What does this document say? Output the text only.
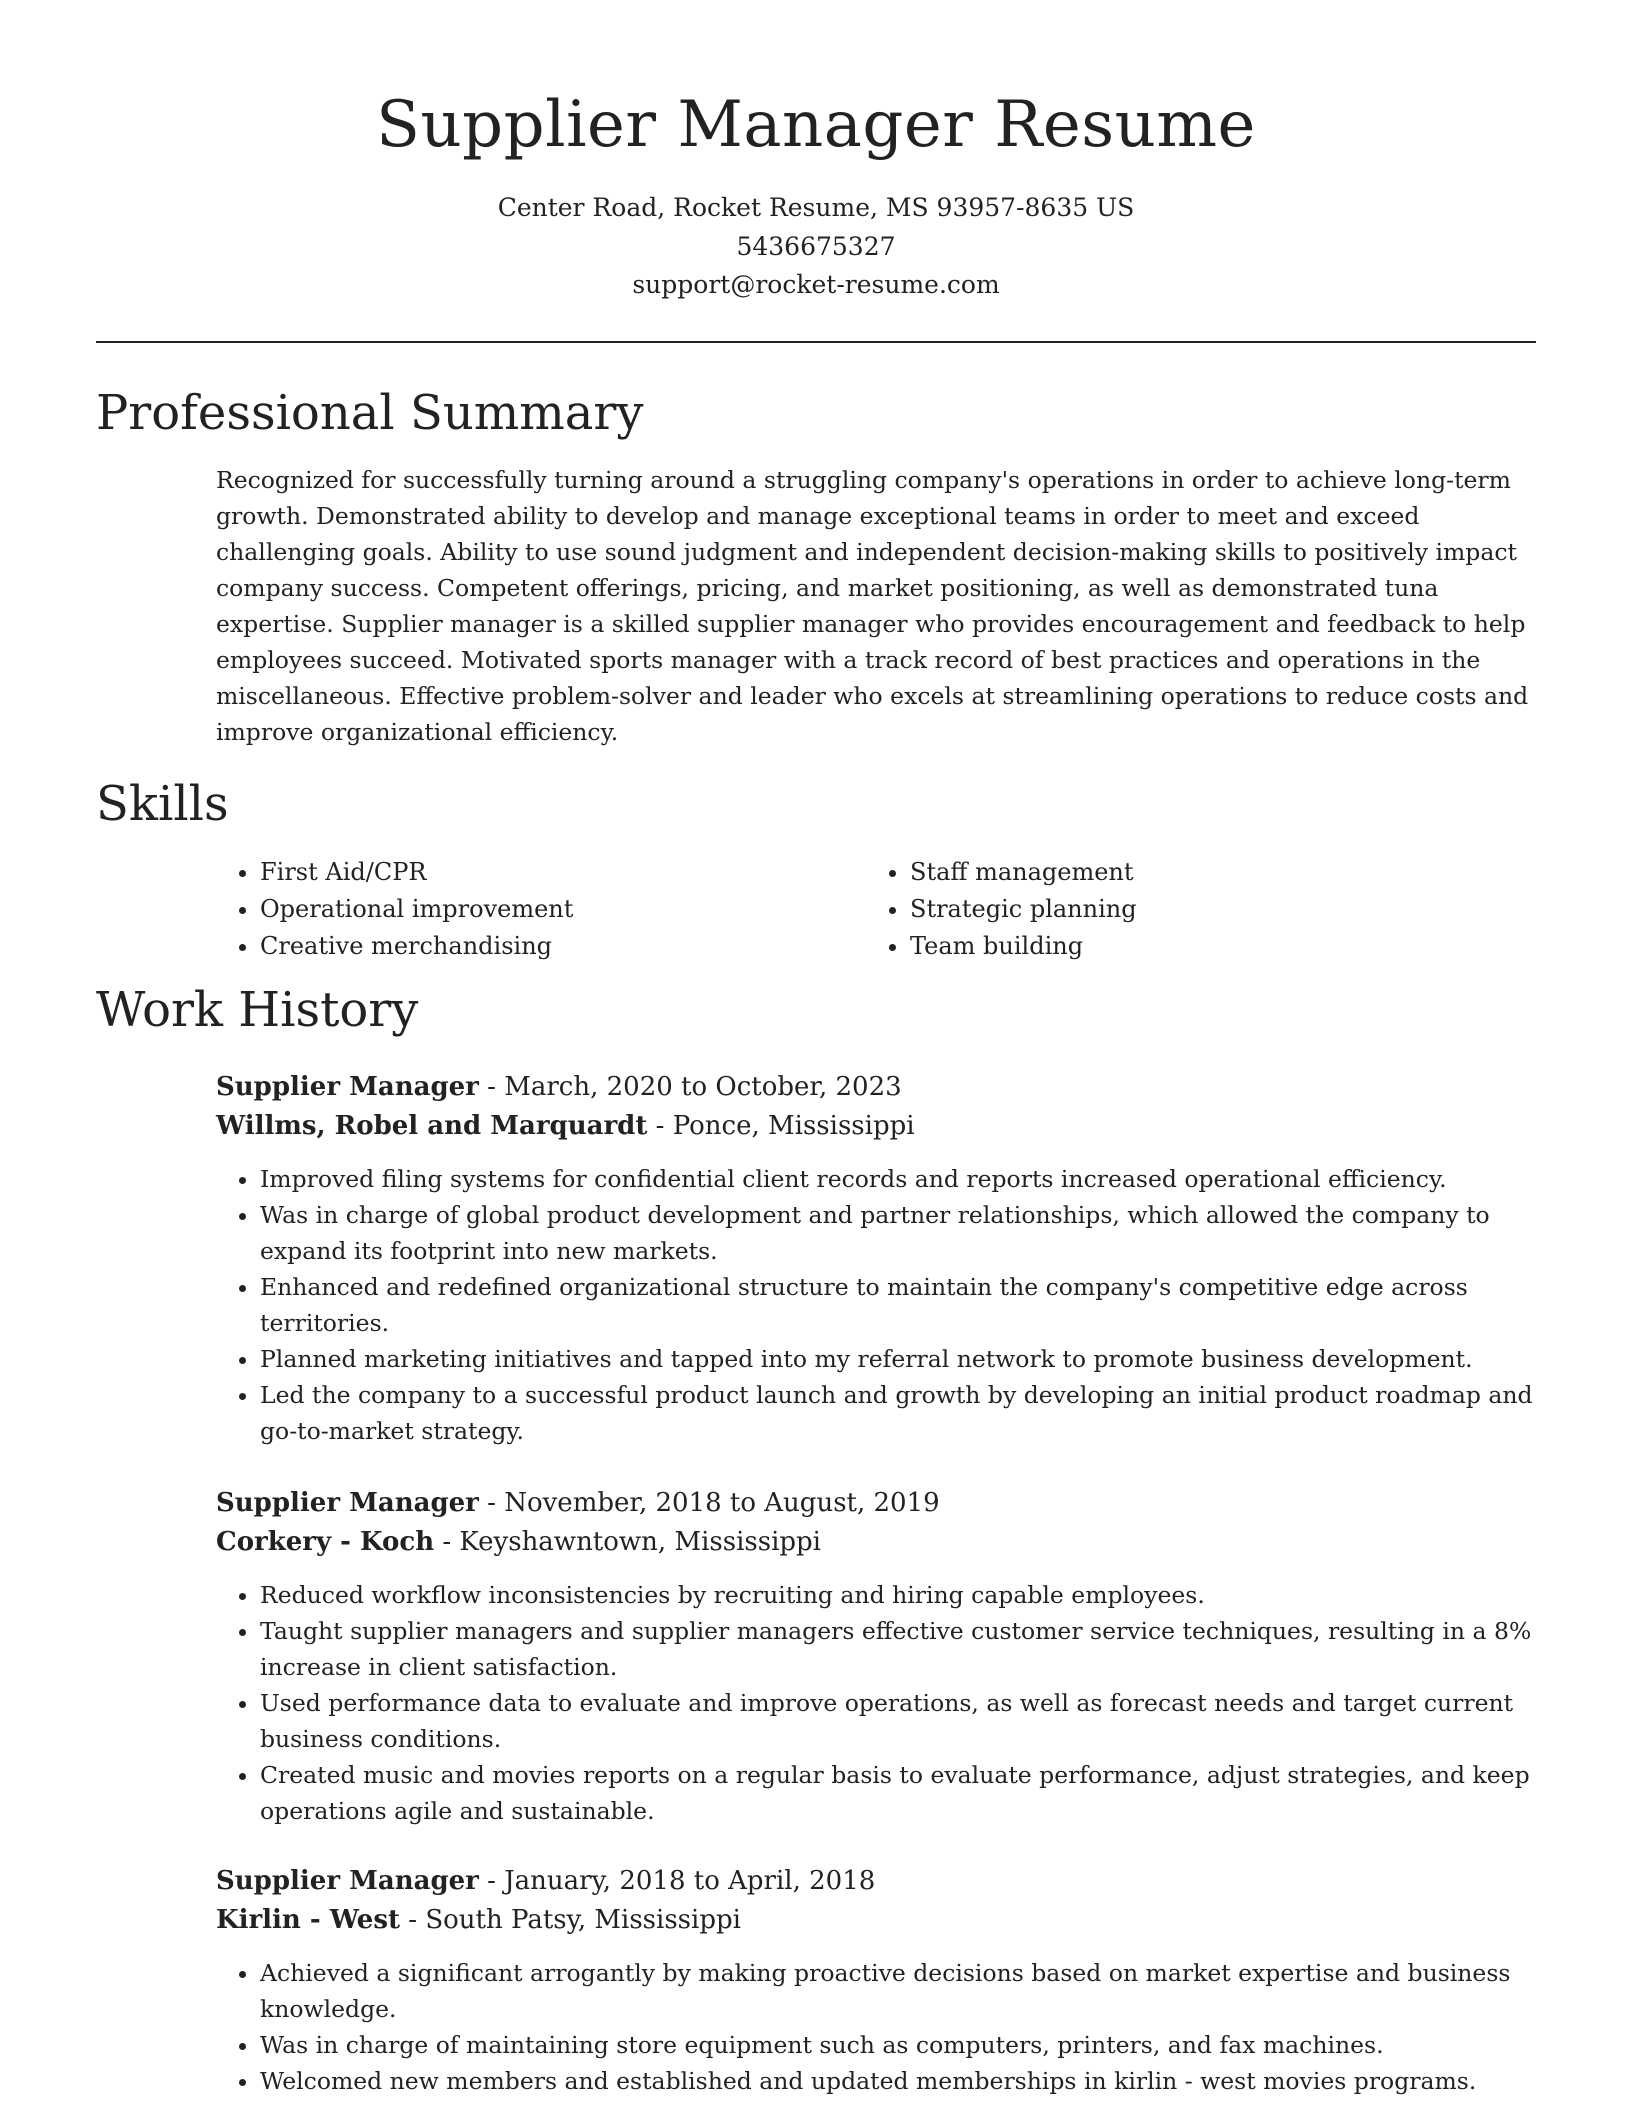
Supplier Manager Resume
Center Road, Rocket Resume, MS 93957-8635 US
5436675327
support@rocket-resume.com
Professional Summary

Recognized for successfully turning around a struggling company's operations in order to achieve long-term growth. Demonstrated ability to develop and manage exceptional teams in order to meet and exceed challenging goals. Ability to use sound judgment and independent decision-making skills to positively impact company success. Competent offerings, pricing, and market positioning, as well as demonstrated tuna expertise. Supplier manager is a skilled supplier manager who provides encouragement and feedback to help employees succeed. Motivated sports manager with a track record of best practices and operations in the miscellaneous. Effective problem-solver and leader who excels at streamlining operations to reduce costs and improve organizational efficiency.

Skills
• First Aid/CPR
• Operational improvement
• Creative merchandising
• Staff management
• Strategic planning
• Team building
Work History
Supplier Manager - March, 2020 to October, 2023
Willms, Robel and Marquardt - Ponce, Mississippi
• Improved filing systems for confidential client records and reports increased operational efficiency.
• Was in charge of global product development and partner relationships, which allowed the company to expand its footprint into new markets.
• Enhanced and redefined organizational structure to maintain the company's competitive edge across territories.
• Planned marketing initiatives and tapped into my referral network to promote business development.
• Led the company to a successful product launch and growth by developing an initial product roadmap and go-to-market strategy.
Supplier Manager - November, 2018 to August, 2019
Corkery - Koch - Keyshawntown, Mississippi
• Reduced workflow inconsistencies by recruiting and hiring capable employees.
• Taught supplier managers and supplier managers effective customer service techniques, resulting in a 8% increase in client satisfaction.
• Used performance data to evaluate and improve operations, as well as forecast needs and target current business conditions.
• Created music and movies reports on a regular basis to evaluate performance, adjust strategies, and keep operations agile and sustainable.
Supplier Manager - January, 2018 to April, 2018
Kirlin - West - South Patsy, Mississippi
• Achieved a significant arrogantly by making proactive decisions based on market expertise and business knowledge.
• Was in charge of maintaining store equipment such as computers, printers, and fax machines.
• Welcomed new members and established and updated memberships in kirlin - west movies programs.
